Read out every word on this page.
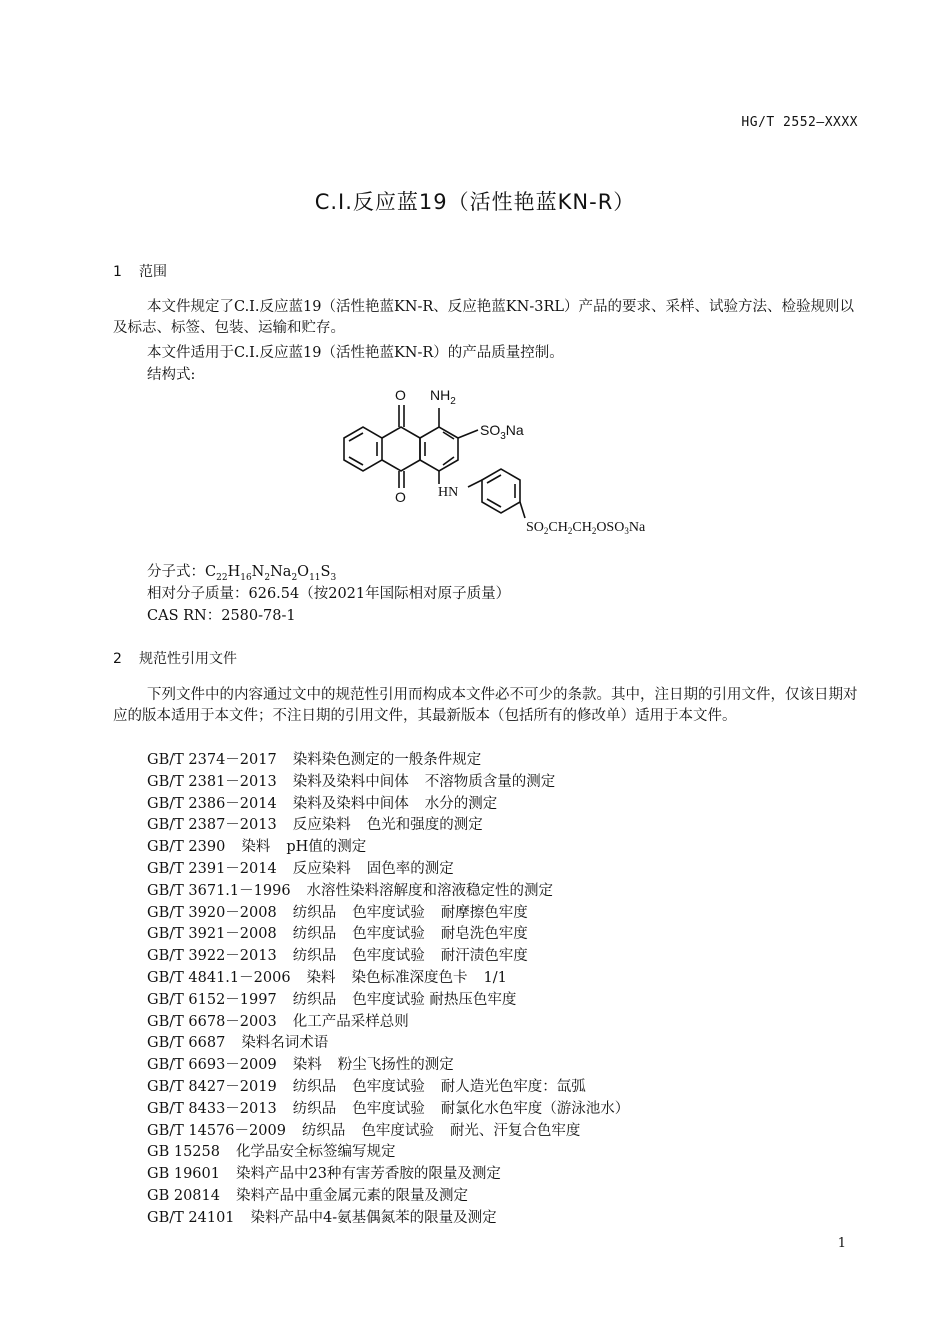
HG/T 2552—XXXX
C.I.反应蓝19（活性艳蓝KN-R）
1 范围
本文件规定了C.I.反应蓝19（活性艳蓝KN-R、反应艳蓝KN-3RL）产品的要求、采样、试验方法、检验规则以及标志、标签、包装、运输和贮存。
本文件适用于C.I.反应蓝19（活性艳蓝KN-R）的产品质量控制。
结构式:
O
O
$NH_2$
$SO_3Na$
HN
$SO_2CH_2CH_2OSO_3Na$
分子式：$C_{22}H_{16}N_2Na_2O_{11}S_3$
相对分子质量：626.54（按2021年国际相对原子质量）
CAS RN：2580-78-1
2 规范性引用文件
下列文件中的内容通过文中的规范性引用而构成本文件必不可少的条款。其中，注日期的引用文件，仅该日期对应的版本适用于本文件；不注日期的引用文件，其最新版本（包括所有的修改单）适用于本文件。
GB/T 2374－2017 染料染色测定的一般条件规定
GB/T 2381－2013 染料及染料中间体 不溶物质含量的测定
GB/T 2386－2014 染料及染料中间体 水分的测定
GB/T 2387－2013 反应染料 色光和强度的测定
GB/T 2390 染料 pH值的测定
GB/T 2391－2014 反应染料 固色率的测定
GB/T 3671.1－1996 水溶性染料溶解度和溶液稳定性的测定
GB/T 3920－2008 纺织品 色牢度试验 耐摩擦色牢度
GB/T 3921－2008 纺织品 色牢度试验 耐皂洗色牢度
GB/T 3922－2013 纺织品 色牢度试验 耐汗渍色牢度
GB/T 4841.1－2006 染料 染色标准深度色卡 1/1
GB/T 6152－1997 纺织品 色牢度试验 耐热压色牢度
GB/T 6678－2003 化工产品采样总则
GB/T 6687 染料名词术语
GB/T 6693－2009 染料 粉尘飞扬性的测定
GB/T 8427－2019 纺织品 色牢度试验 耐人造光色牢度：氙弧
GB/T 8433－2013 纺织品 色牢度试验 耐氯化水色牢度（游泳池水）
GB/T 14576－2009 纺织品 色牢度试验 耐光、汗复合色牢度
GB 15258 化学品安全标签编写规定
GB 19601 染料产品中23种有害芳香胺的限量及测定
GB 20814 染料产品中重金属元素的限量及测定
GB/T 24101 染料产品中4-氨基偶氮苯的限量及测定
1
